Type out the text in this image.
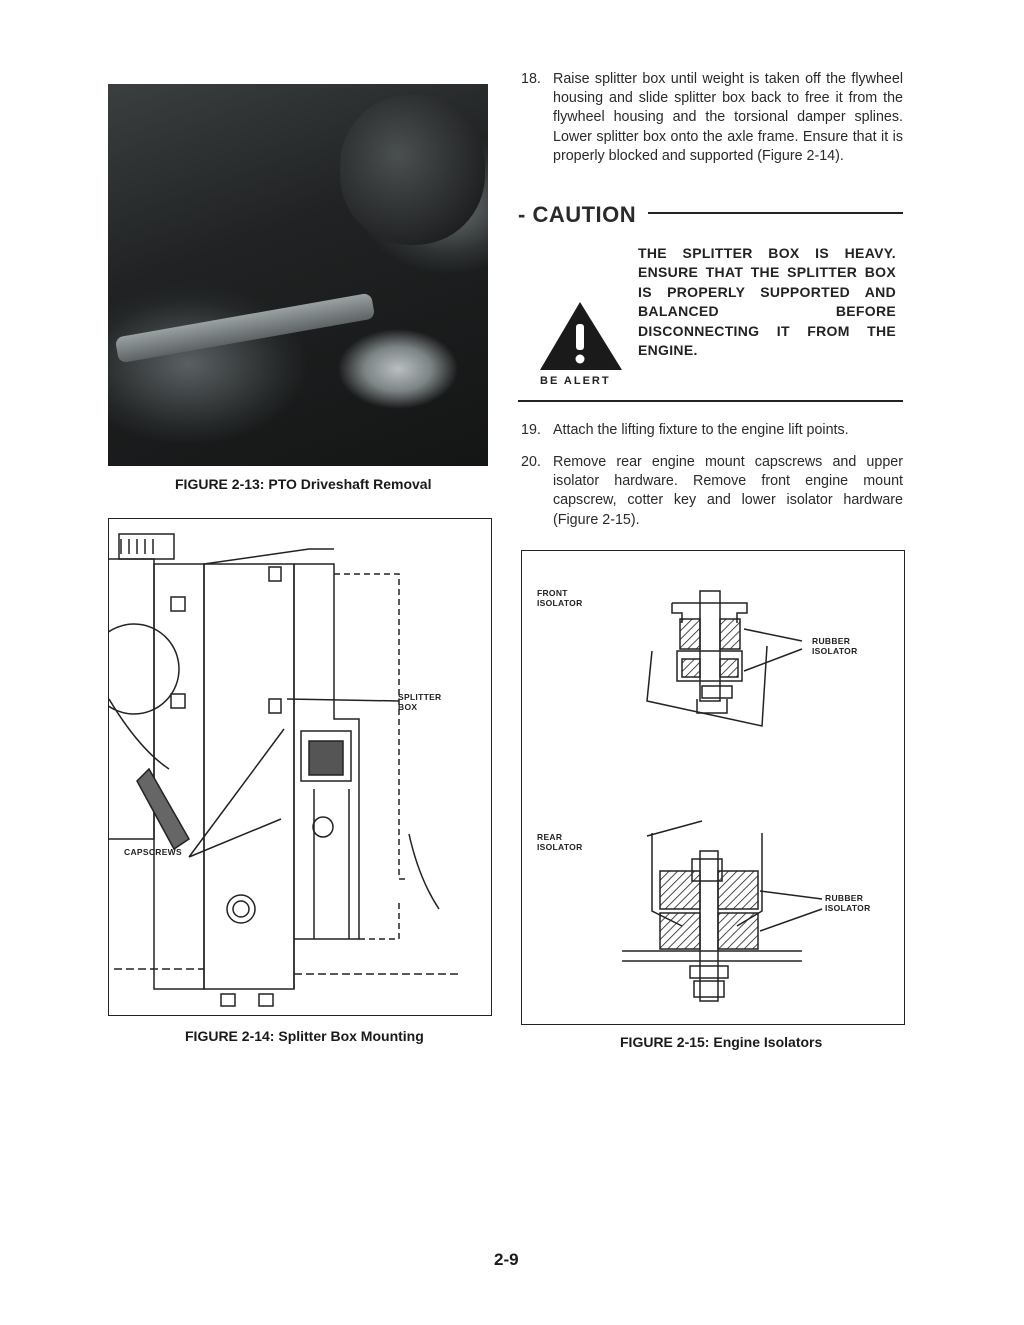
FIGURE 2-13: PTO Driveshaft Removal
SPLITTER
BOX
CAPSCREWS
FIGURE 2-14: Splitter Box Mounting
18. Raise splitter box until weight is taken off the flywheel housing and slide splitter box back to free it from the flywheel housing and the torsional damper splines. Lower splitter box onto the axle frame. Ensure that it is properly blocked and supported (Figure 2-14).
- CAUTION
BE ALERT
THE SPLITTER BOX IS HEAVY. ENSURE THAT THE SPLITTER BOX IS PROPERLY SUPPORTED AND BALANCED BEFORE DISCONNECTING IT FROM THE ENGINE.
19. Attach the lifting fixture to the engine lift points.
20. Remove rear engine mount capscrews and upper isolator hardware. Remove front engine mount capscrew, cotter key and lower isolator hardware (Figure 2-15).
FRONT
ISOLATOR
RUBBER
ISOLATOR
REAR
ISOLATOR
RUBBER
ISOLATOR
FIGURE 2-15: Engine Isolators
2-9
